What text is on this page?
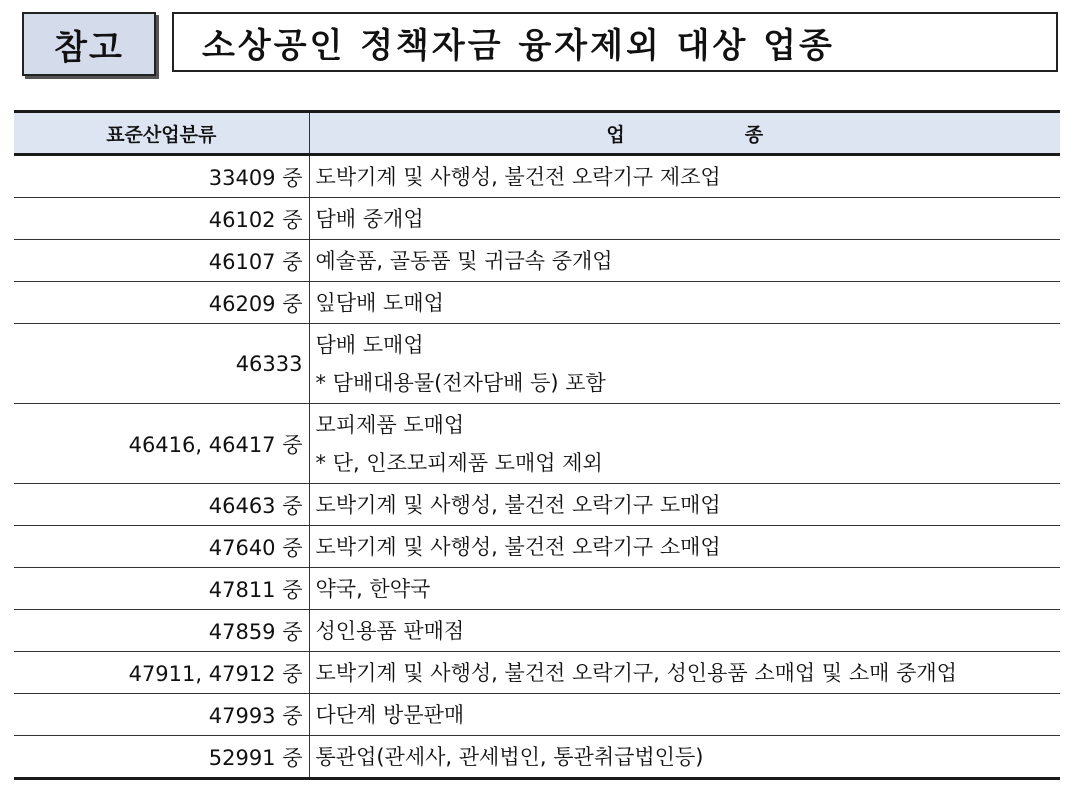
참고	소상공인 정책자금 융자제외 대상 업종
표준산업분류	업 종
33409 중	도박기계 및 사행성, 불건전 오락기구 제조업

46102 중	담배 중개업

46107 중	예술품, 골동품 및 귀금속 중개업

46209 중	잎담배 도매업

46333	담배 도매업
* 담배대용물(전자담배 등) 포함

46416, 46417 중	모피제품 도매업
* 단, 인조모피제품 도매업 제외

46463 중	도박기계 및 사행성, 불건전 오락기구 도매업

47640 중	도박기계 및 사행성, 불건전 오락기구 소매업

47811 중	약국, 한약국

47859 중	성인용품 판매점

47911, 47912 중	도박기계 및 사행성, 불건전 오락기구, 성인용품 소매업 및 소매 중개업

47993 중	다단계 방문판매

52991 중	통관업(관세사, 관세법인, 통관취급법인등)
